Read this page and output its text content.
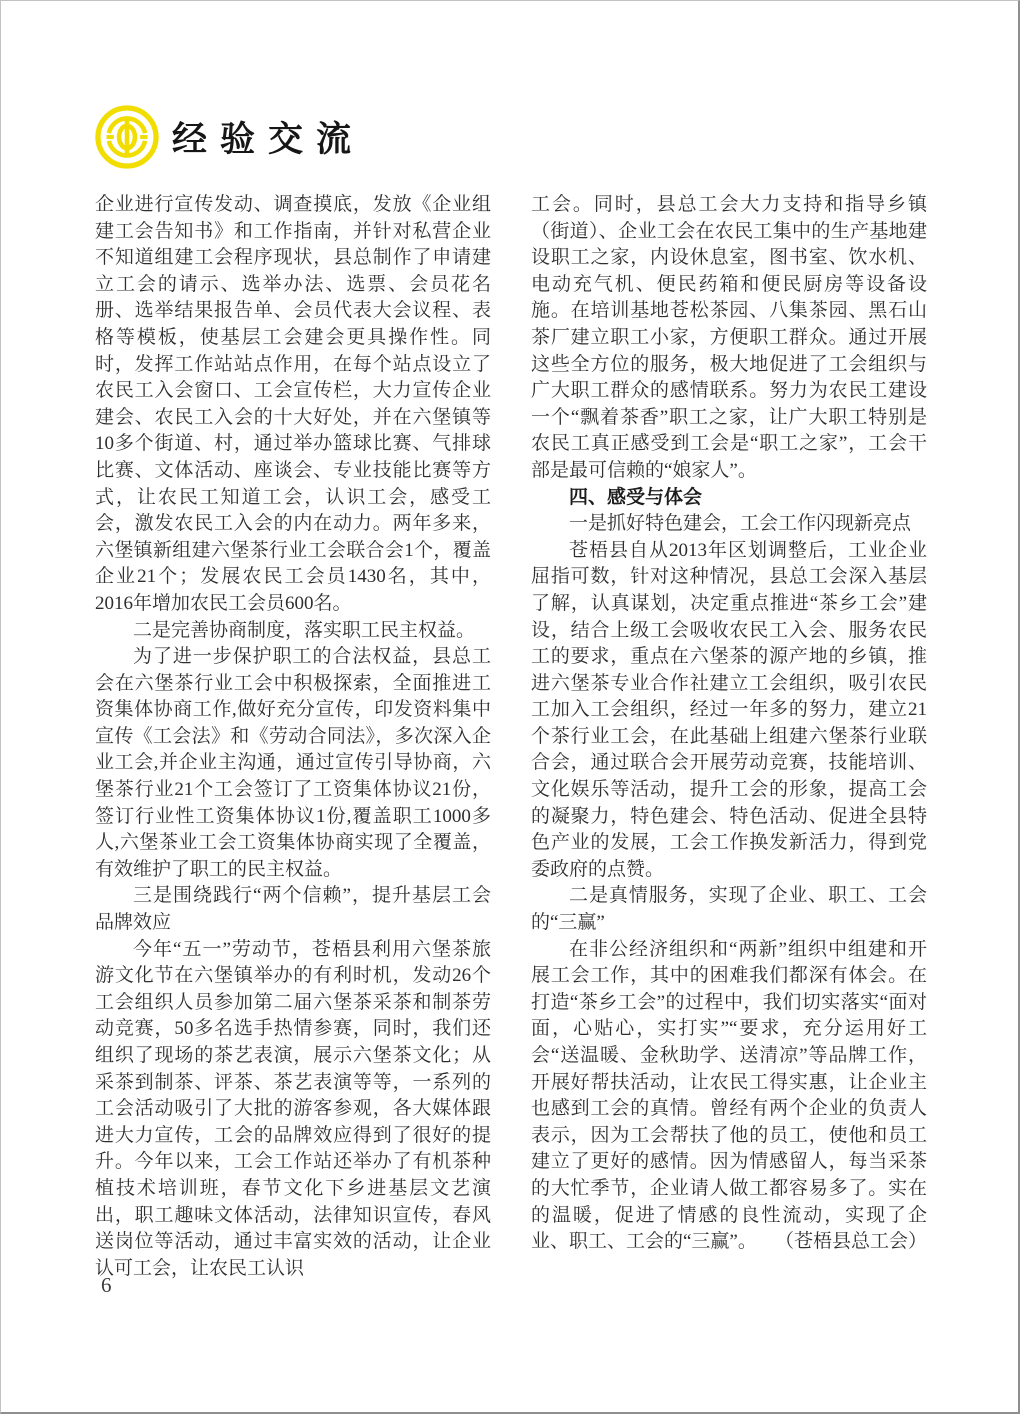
经验交流

企业进行宣传发动、调查摸底，发放《企业组建工会告知书》和工作指南，并针对私营企业不知道组建工会程序现状，县总制作了申请建立工会的请示、选举办法、选票、会员花名册、选举结果报告单、会员代表大会议程、表格等模板，使基层工会建会更具操作性。同时，发挥工作站站点作用，在每个站点设立了农民工入会窗口、工会宣传栏，大力宣传企业建会、农民工入会的十大好处，并在六堡镇等10多个街道、村，通过举办篮球比赛、气排球比赛、文体活动、座谈会、专业技能比赛等方式，让农民工知道工会，认识工会，感受工会，激发农民工入会的内在动力。两年多来，六堡镇新组建六堡茶行业工会联合会1个，覆盖企业21个；发展农民工会员1430名，其中，2016年增加农民工会员600名。

二是完善协商制度，落实职工民主权益。

为了进一步保护职工的合法权益，县总工会在六堡茶行业工会中积极探索，全面推进工资集体协商工作,做好充分宣传，印发资料集中宣传《工会法》和《劳动合同法》，多次深入企业工会,并企业主沟通，通过宣传引导协商，六堡茶行业21个工会签订了工资集体协议21份，签订行业性工资集体协议1份,覆盖职工1000多人,六堡茶业工会工资集体协商实现了全覆盖，有效维护了职工的民主权益。

三是围绕践行“两个信赖”，提升基层工会品牌效应

今年“五一”劳动节，苍梧县利用六堡茶旅游文化节在六堡镇举办的有利时机，发动26个工会组织人员参加第二届六堡茶采茶和制茶劳动竞赛，50多名选手热情参赛，同时，我们还组织了现场的茶艺表演，展示六堡茶文化；从采茶到制茶、评茶、茶艺表演等等，一系列的工会活动吸引了大批的游客参观，各大媒体跟进大力宣传，工会的品牌效应得到了很好的提升。今年以来，工会工作站还举办了有机茶种植技术培训班，春节文化下乡进基层文艺演出，职工趣味文体活动，法律知识宣传，春风送岗位等活动，通过丰富实效的活动，让企业认可工会，让农民工认识

工会。同时，县总工会大力支持和指导乡镇（街道）、企业工会在农民工集中的生产基地建设职工之家，内设休息室，图书室、饮水机、电动充气机、便民药箱和便民厨房等设备设施。在培训基地苍松茶园、八集茶园、黑石山茶厂建立职工小家，方便职工群众。通过开展这些全方位的服务，极大地促进了工会组织与广大职工群众的感情联系。努力为农民工建设一个“飘着茶香”职工之家，让广大职工特别是农民工真正感受到工会是“职工之家”，工会干部是最可信赖的“娘家人”。

四、感受与体会

一是抓好特色建会，工会工作闪现新亮点

苍梧县自从2013年区划调整后，工业企业屈指可数，针对这种情况，县总工会深入基层了解，认真谋划，决定重点推进“茶乡工会”建设，结合上级工会吸收农民工入会、服务农民工的要求，重点在六堡茶的源产地的乡镇，推进六堡茶专业合作社建立工会组织，吸引农民工加入工会组织，经过一年多的努力，建立21个茶行业工会，在此基础上组建六堡茶行业联合会，通过联合会开展劳动竞赛，技能培训、文化娱乐等活动，提升工会的形象，提高工会的凝聚力，特色建会、特色活动、促进全县特色产业的发展，工会工作换发新活力，得到党委政府的点赞。

二是真情服务，实现了企业、职工、工会的“三赢”

在非公经济组织和“两新”组织中组建和开展工会工作，其中的困难我们都深有体会。在打造“茶乡工会”的过程中，我们切实落实“面对面，心贴心，实打实”“要求，充分运用好工会“送温暖、金秋助学、送清凉”等品牌工作，开展好帮扶活动，让农民工得实惠，让企业主也感到工会的真情。曾经有两个企业的负责人表示，因为工会帮扶了他的员工，使他和员工建立了更好的感情。因为情感留人，每当采茶的大忙季节，企业请人做工都容易多了。实在的温暖，促进了情感的良性流动，实现了企业、职工、工会的“三赢”。 （苍梧县总工会）

6
